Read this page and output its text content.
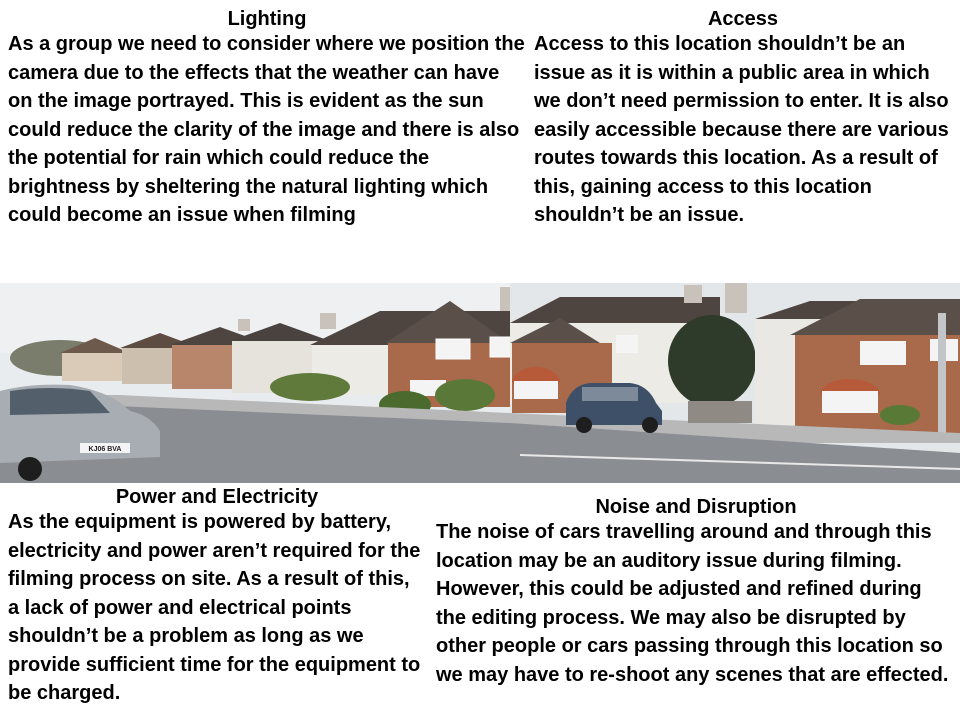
Lighting

As a group we need to consider where we position the camera due to the effects that the weather can have on the image portrayed. This is evident as the sun could reduce the clarity of the image and there is also the potential for rain which could reduce the brightness by sheltering the natural lighting which could become an issue when filming

Access

Access to this location shouldn’t be an issue as it is within a public area in which we don’t need permission to enter. It is also easily accessible because there are various routes towards this location. As a result of this, gaining access to this location shouldn’t be an issue.

KJ06 BVA
Power and Electricity

As the equipment is powered by battery, electricity and power aren’t required for the filming process on site. As a result of this, a lack of power and electrical points shouldn’t be a problem as long as we provide sufficient time for the equipment to be charged.

Noise and Disruption

The noise of cars travelling around and through this location may be an auditory issue during filming. However, this could be adjusted and refined during the editing process. We may also be disrupted by other people or cars passing through this location so we may have to re-shoot any scenes that are effected.
